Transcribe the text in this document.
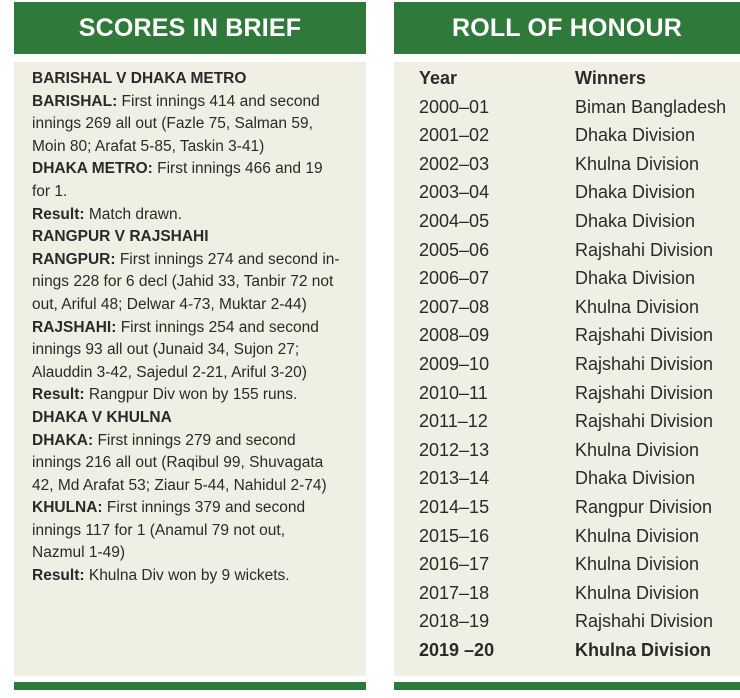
SCORES IN BRIEF
BARISHAL V DHAKA METRO
BARISHAL: First innings 414 and second
innings 269 all out (Fazle 75, Salman 59,
Moin 80; Arafat 5-85, Taskin 3-41)
DHAKA METRO: First innings 466 and 19
for 1.
Result: Match drawn.
RANGPUR V RAJSHAHI
RANGPUR: First innings 274 and second in-
nings 228 for 6 decl (Jahid 33, Tanbir 72 not
out, Ariful 48; Delwar 4-73, Muktar 2-44)
RAJSHAHI: First innings 254 and second
innings 93 all out (Junaid 34, Sujon 27;
Alauddin 3-42, Sajedul 2-21, Ariful 3-20)
Result: Rangpur Div won by 155 runs.
DHAKA V KHULNA
DHAKA: First innings 279 and second
innings 216 all out (Raqibul 99, Shuvagata
42, Md Arafat 53; Ziaur 5-44, Nahidul 2-74)
KHULNA: First innings 379 and second
innings 117 for 1 (Anamul 79 not out,
Nazmul 1-49)
Result: Khulna Div won by 9 wickets.
ROLL OF HONOUR
Year	Winners
2000–01	Biman Bangladesh
2001–02	Dhaka Division
2002–03	Khulna Division
2003–04	Dhaka Division
2004–05	Dhaka Division
2005–06	Rajshahi Division
2006–07	Dhaka Division
2007–08	Khulna Division
2008–09	Rajshahi Division
2009–10	Rajshahi Division
2010–11	Rajshahi Division
2011–12	Rajshahi Division
2012–13	Khulna Division
2013–14	Dhaka Division
2014–15	Rangpur Division
2015–16	Khulna Division
2016–17	Khulna Division
2017–18	Khulna Division
2018–19	Rajshahi Division
2019 –20	Khulna Division
